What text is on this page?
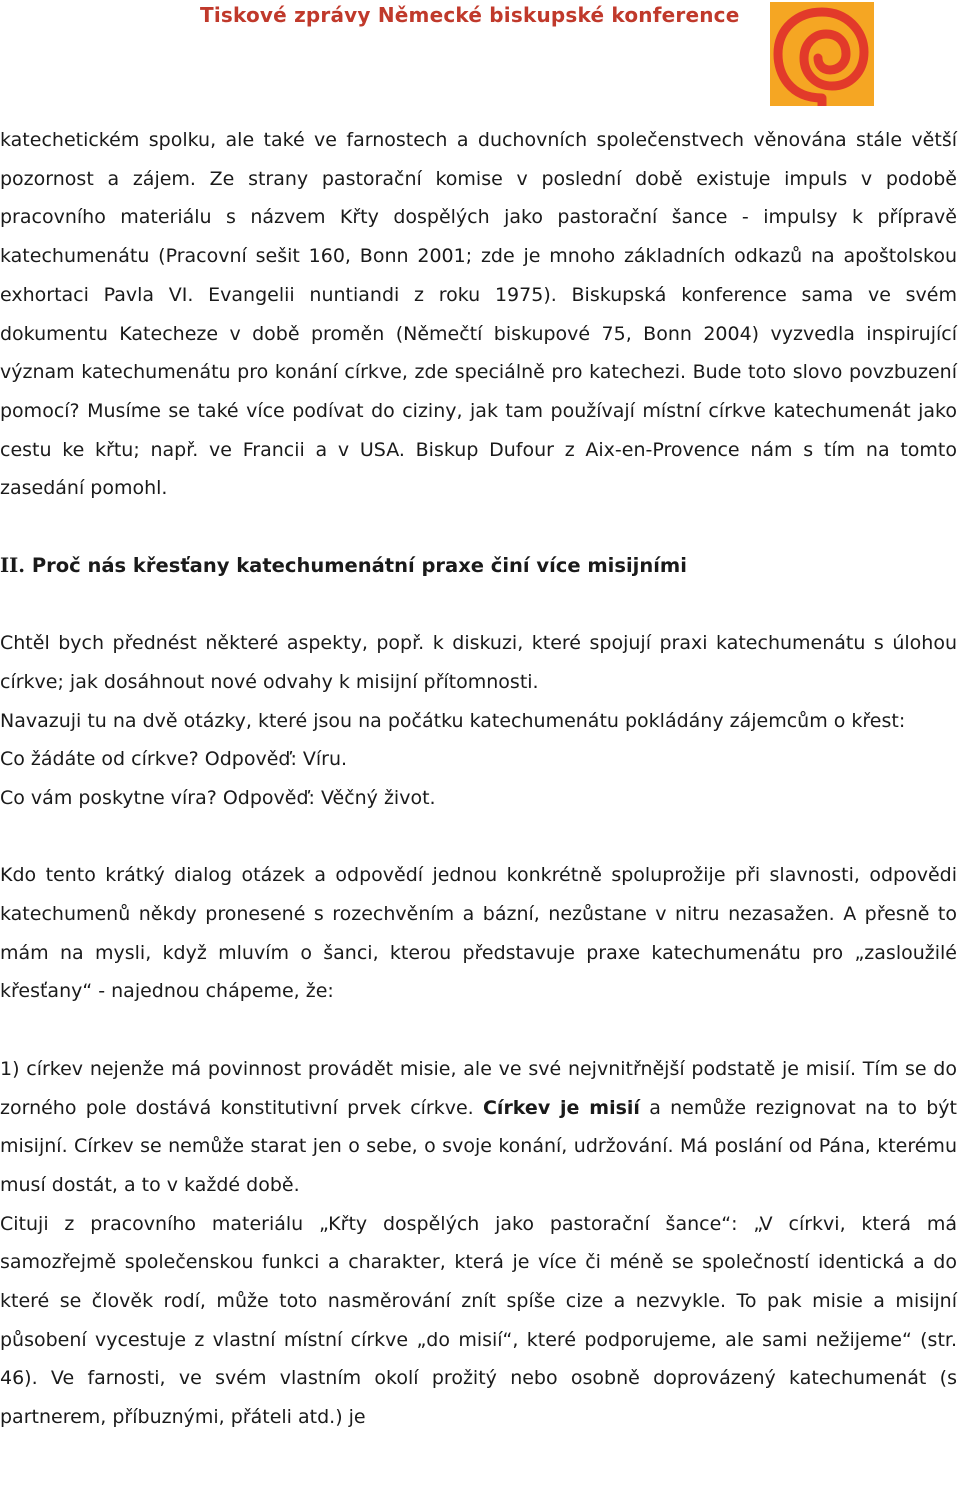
Tiskové zprávy Německé biskupské konference

katechetickém spolku, ale také ve farnostech a duchovních společenstvech věnována stále větší pozornost a zájem. Ze strany pastorační komise v poslední době existuje impuls v podobě pracovního materiálu s názvem Křty dospělých jako pastorační šance - impulsy k přípravě katechumenátu (Pracovní sešit 160, Bonn 2001; zde je mnoho základních odkazů na apoštolskou exhortaci Pavla VI. Evangelii nuntiandi z roku 1975). Biskupská konference sama ve svém dokumentu Katecheze v době proměn (Němečtí biskupové 75, Bonn 2004) vyzvedla inspirující význam katechumenátu pro konání církve, zde speciálně pro katechezi. Bude toto slovo povzbuzení pomocí? Musíme se také více podívat do ciziny, jak tam používají místní církve katechumenát jako cestu ke křtu; např. ve Francii a v USA. Biskup Dufour z Aix-en-Provence nám s tím na tomto zasedání pomohl.

II. Proč nás křesťany katechumenátní praxe činí více misijními

Chtěl bych přednést některé aspekty, popř. k diskuzi, které spojují praxi katechumenátu s úlohou církve; jak dosáhnout nové odvahy k misijní přítomnosti.

Navazuji tu na dvě otázky, které jsou na počátku katechumenátu pokládány zájemcům o křest:

Co žádáte od církve? Odpověď: Víru.

Co vám poskytne víra? Odpověď: Věčný život.

Kdo tento krátký dialog otázek a odpovědí jednou konkrétně spoluprožije při slavnosti, odpovědi katechumenů někdy pronesené s rozechvěním a bázní, nezůstane v nitru nezasažen. A přesně to mám na mysli, když mluvím o šanci, kterou představuje praxe katechumenátu pro „zasloužilé křesťany“ - najednou chápeme, že:

1) církev nejenže má povinnost provádět misie, ale ve své nejvnitřnější podstatě je misií. Tím se do zorného pole dostává konstitutivní prvek církve. Církev je misií a nemůže rezignovat na to být misijní. Církev se nemůže starat jen o sebe, o svoje konání, udržování. Má poslání od Pána, kterému musí dostát, a to v každé době.

Cituji z pracovního materiálu „Křty dospělých jako pastorační šance“: „V církvi, která má samozřejmě společenskou funkci a charakter, která je více či méně se společností identická a do které se člověk rodí, může toto nasměrování znít spíše cize a nezvykle. To pak misie a misijní působení vycestuje z vlastní místní církve „do misií“, které podporujeme, ale sami nežijeme“ (str. 46). Ve farnosti, ve svém vlastním okolí prožitý nebo osobně doprovázený katechumenát (s partnerem, příbuznými, přáteli atd.) je
